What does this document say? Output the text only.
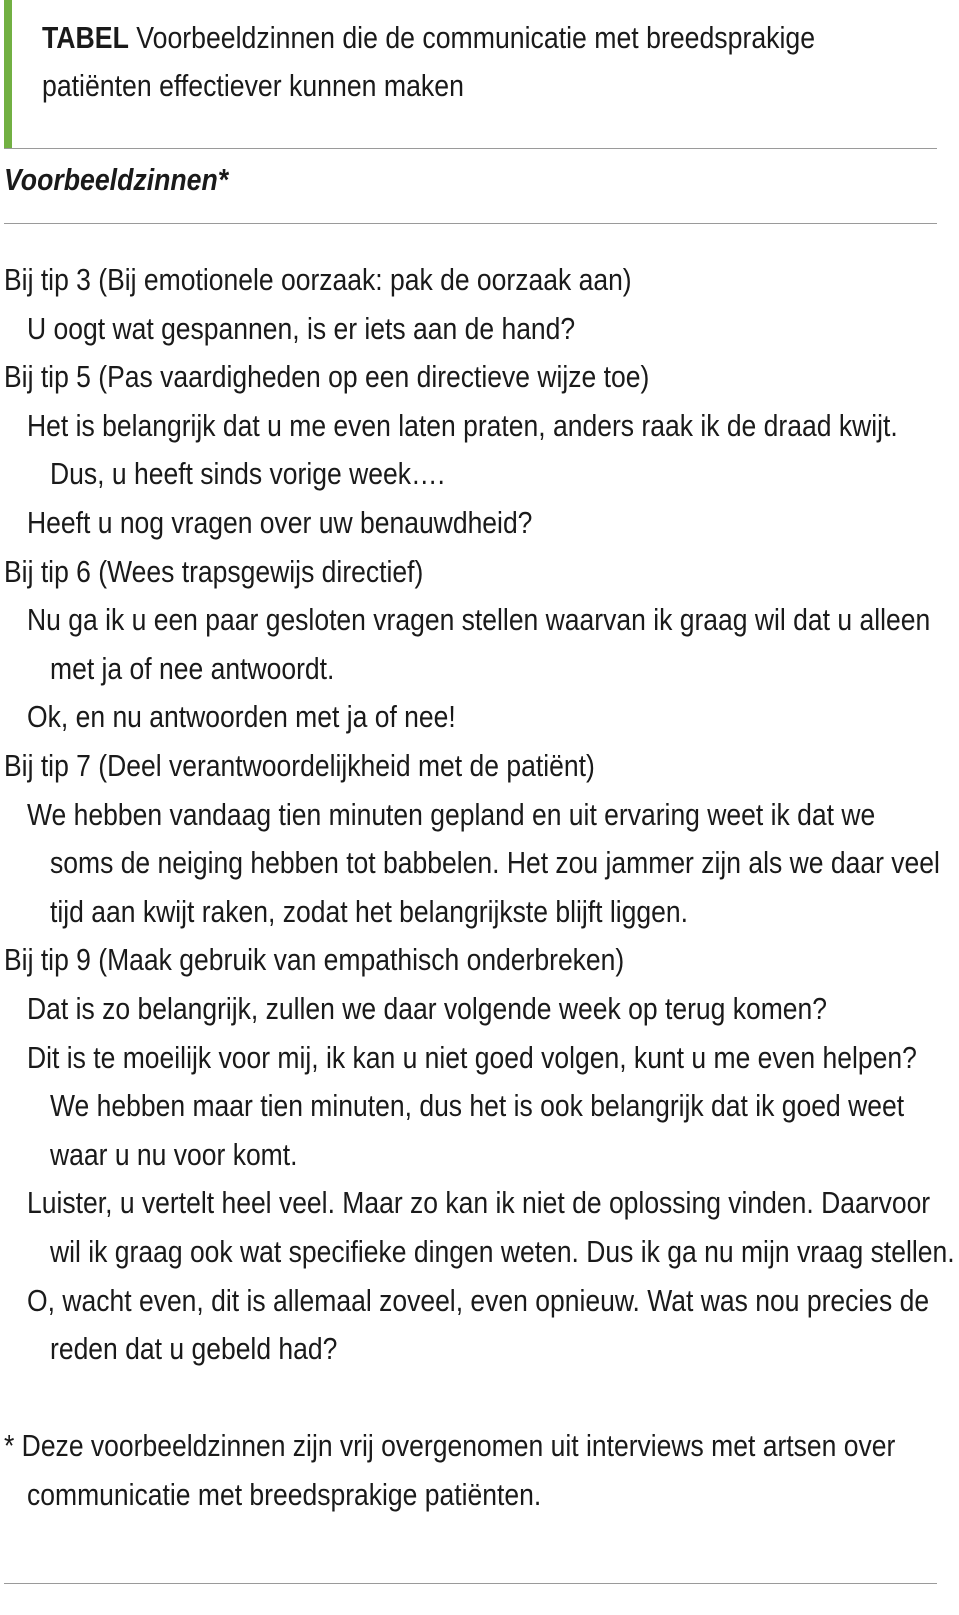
TABEL Voorbeeldzinnen die de communicatie met breedsprakige
patiënten effectiever kunnen maken
Voorbeeldzinnen*
Bij tip 3 (Bij emotionele oorzaak: pak de oorzaak aan)
U oogt wat gespannen, is er iets aan de hand?
Bij tip 5 (Pas vaardigheden op een directieve wijze toe)
Het is belangrijk dat u me even laten praten, anders raak ik de draad kwijt.
Dus, u heeft sinds vorige week….
Heeft u nog vragen over uw benauwdheid?
Bij tip 6 (Wees trapsgewijs directief)
Nu ga ik u een paar gesloten vragen stellen waarvan ik graag wil dat u alleen
met ja of nee antwoordt.
Ok, en nu antwoorden met ja of nee!
Bij tip 7 (Deel verantwoordelijkheid met de patiënt)
We hebben vandaag tien minuten gepland en uit ervaring weet ik dat we
soms de neiging hebben tot babbelen. Het zou jammer zijn als we daar veel
tijd aan kwijt raken, zodat het belangrijkste blijft liggen.
Bij tip 9 (Maak gebruik van empathisch onderbreken)
Dat is zo belangrijk, zullen we daar volgende week op terug komen?
Dit is te moeilijk voor mij, ik kan u niet goed volgen, kunt u me even helpen?
We hebben maar tien minuten, dus het is ook belangrijk dat ik goed weet
waar u nu voor komt.
Luister, u vertelt heel veel. Maar zo kan ik niet de oplossing vinden. Daarvoor
wil ik graag ook wat specifieke dingen weten. Dus ik ga nu mijn vraag stellen.
O, wacht even, dit is allemaal zoveel, even opnieuw. Wat was nou precies de
reden dat u gebeld had?
* Deze voorbeeldzinnen zijn vrij overgenomen uit interviews met artsen over
communicatie met breedsprakige patiënten.
